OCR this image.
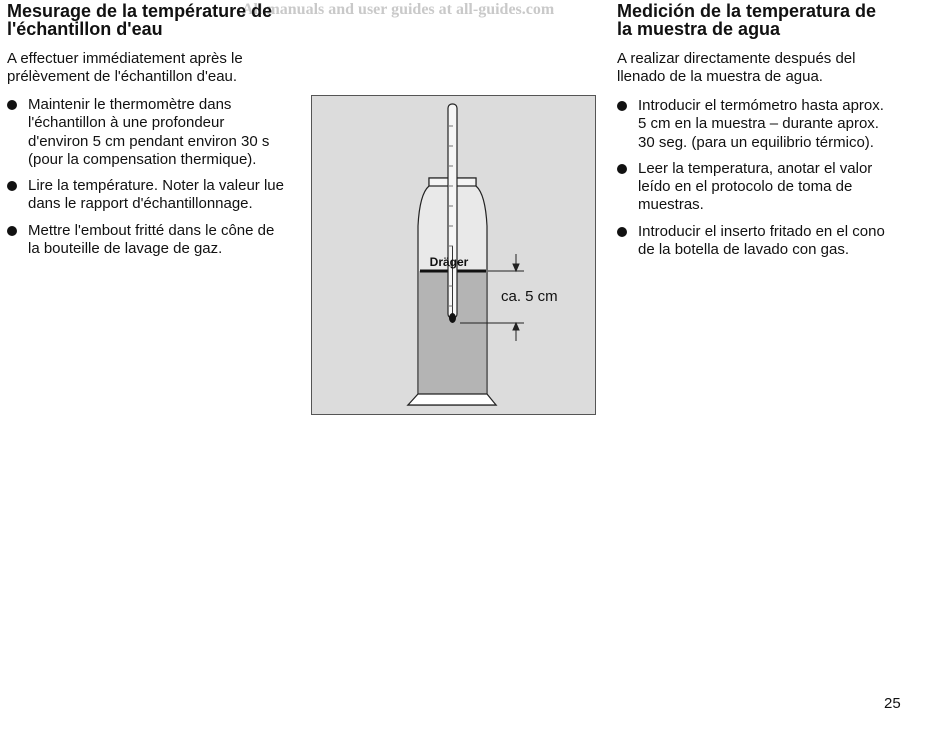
All manuals and user guides at all-guides.com
Mesurage de la température de
l'échantillon d'eau

A effectuer immédiatement après le
prélèvement de l'échantillon d'eau.

Maintenir le thermomètre dans
l'échantillon à une profondeur
d'environ 5 cm pendant environ 30 s
(pour la compensation thermique).
Lire la température. Noter la valeur lue
dans le rapport d'échantillonnage.
Mettre l'embout fritté dans le cône de
la bouteille de lavage de gaz.
Dräger
ca. 5 cm
Medición de la temperatura de
la muestra de agua

A realizar directamente después del
llenado de la muestra de agua.

Introducir el termómetro hasta aprox.
5 cm en la muestra – durante aprox.
30 seg. (para un equilibrio térmico).
Leer la temperatura, anotar el valor
leído en el protocolo de toma de
muestras.
Introducir el inserto fritado en el cono
de la botella de lavado con gas.
25
